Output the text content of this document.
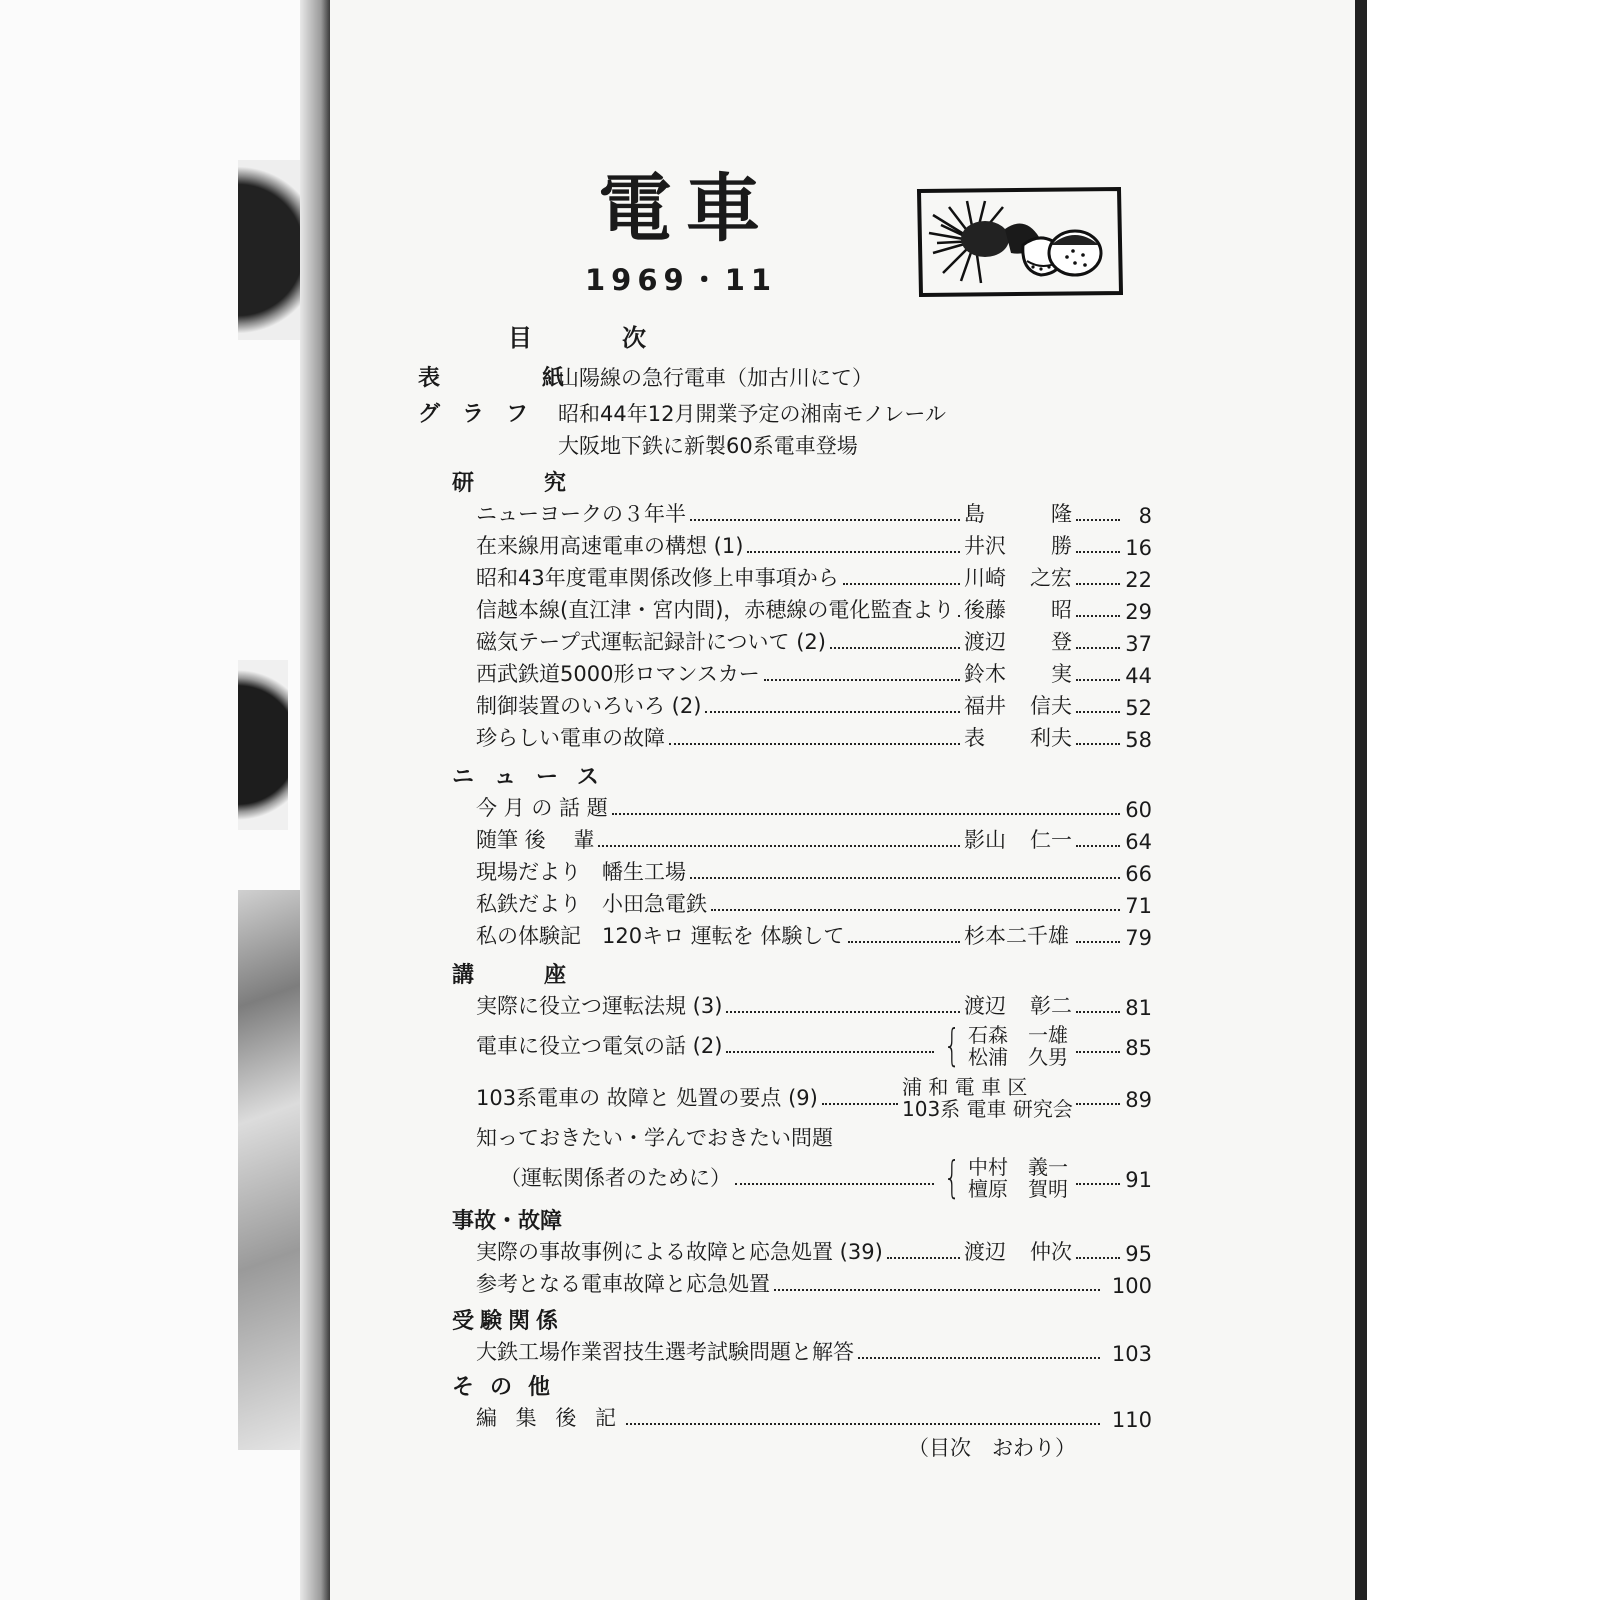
電車
1969・11
目次
表　紙
山陽線の急行電車（加古川にて）
グラフ 昭和44年12月開業予定の湘南モノレール
大阪地下鉄に新製60系電車登場
研究
ニューヨークの３年半	島	隆	8
在来線用高速電車の構想 (1)	井沢 勝	16
昭和43年度電車関係改修上申事項から	川崎 之宏	22
信越本線(直江津・宮内間)，赤穂線の電化監査より 後藤 昭	29
磁気テープ式運転記録計について (2)	渡辺 登	37
西武鉄道5000形ロマンスカー	鈴木 実	44
制御装置のいろいろ (2)	福井 信夫	52
珍らしい電車の故障	表 利夫	58
ニュース
今 月 の 話 題	60
随筆 後　 輩	影山 仁一	64
現場だより　幡生工場	66
私鉄だより　小田急電鉄	71
私の体験記　120キロ 運転を 体験して	杉本二千雄	79
講座
実際に役立つ運転法規 (3)	渡辺 彰二	81
電車に役立つ電気の話 (2)	{ 石森　一雄
松浦　久男	85
103系電車の 故障と 処置の要点 (9)	浦 和 電 車 区
103系 電車 研究会 89
知っておきたい・学んでおきたい問題
（運転関係者のために）	{ 中村　義一
檀原　賀明	91
事故・故障
実際の事故事例による故障と応急処置 (39)	渡辺 仲次	95
参考となる電車故障と応急処置	100
受験関係
大鉄工場作業習技生選考試験問題と解答	103
その他
編 集 後 記	110
（目次　おわり）
